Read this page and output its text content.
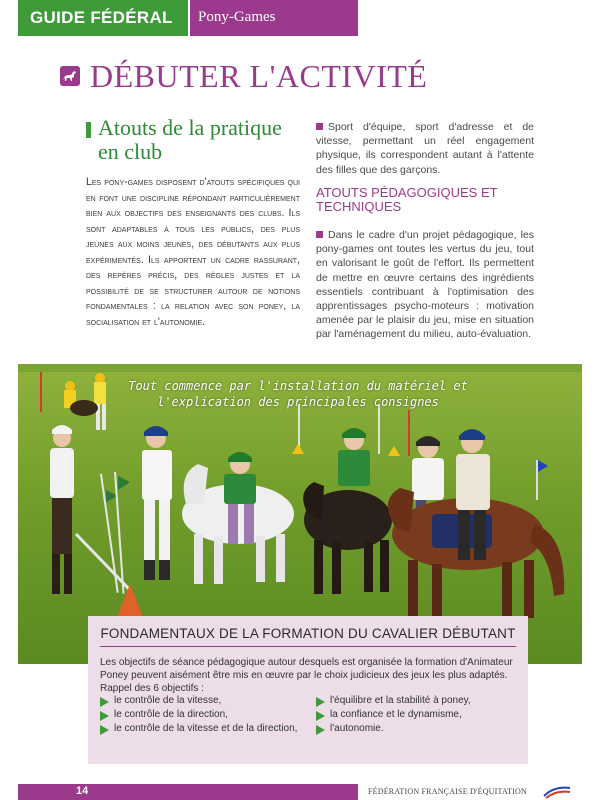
GUIDE FÉDÉRAL Pony-Games
DÉBUTER L'ACTIVITÉ
Atouts de la pratique en club
Les pony-games disposent d'atouts spécifiques qui en font une discipline répondant particulièrement bien aux objectifs des enseignants des clubs. Ils sont adaptables à tous les publics, des plus jeunes aux moins jeunes, des débutants aux plus expérimentés. Ils apportent un cadre rassurant, des repères précis, des règles justes et la possibilité de se structurer autour de notions fondamentales : la relation avec son poney, la socialisation et l'autonomie.

Sport d'équipe, sport d'adresse et de vitesse, permettant un réel engagement physique, ils correspondent autant à l'attente des filles que des garçons.

ATOUTS PÉDAGOGIQUES ET TECHNIQUES

Dans le cadre d'un projet pédagogique, les pony-games ont toutes les vertus du jeu, tout en valorisant le goût de l'effort. Ils permettent de mettre en œuvre certains des ingrédients essentiels contribuant à l'optimisation des apprentissages psycho-moteurs : motivation amenée par le plaisir du jeu, mise en situation par l'aménagement du milieu, auto-évaluation.

Tout commence par l'installation du matériel et l'explication des principales consignes
FONDAMENTAUX DE LA FORMATION DU CAVALIER DÉBUTANT
Les objectifs de séance pédagogique autour desquels est organisée la formation d'Animateur Poney peuvent aisément être mis en œuvre par le choix judicieux des jeux les plus adaptés. Rappel des 6 objectifs :
le contrôle de la vitesse,
le contrôle de la direction,
le contrôle de la vitesse et de la direction,
l'équilibre et la stabilité à poney,
la confiance et le dynamisme,
l'autonomie.
14	FÉDÉRATION FRANÇAISE D'ÉQUITATION
